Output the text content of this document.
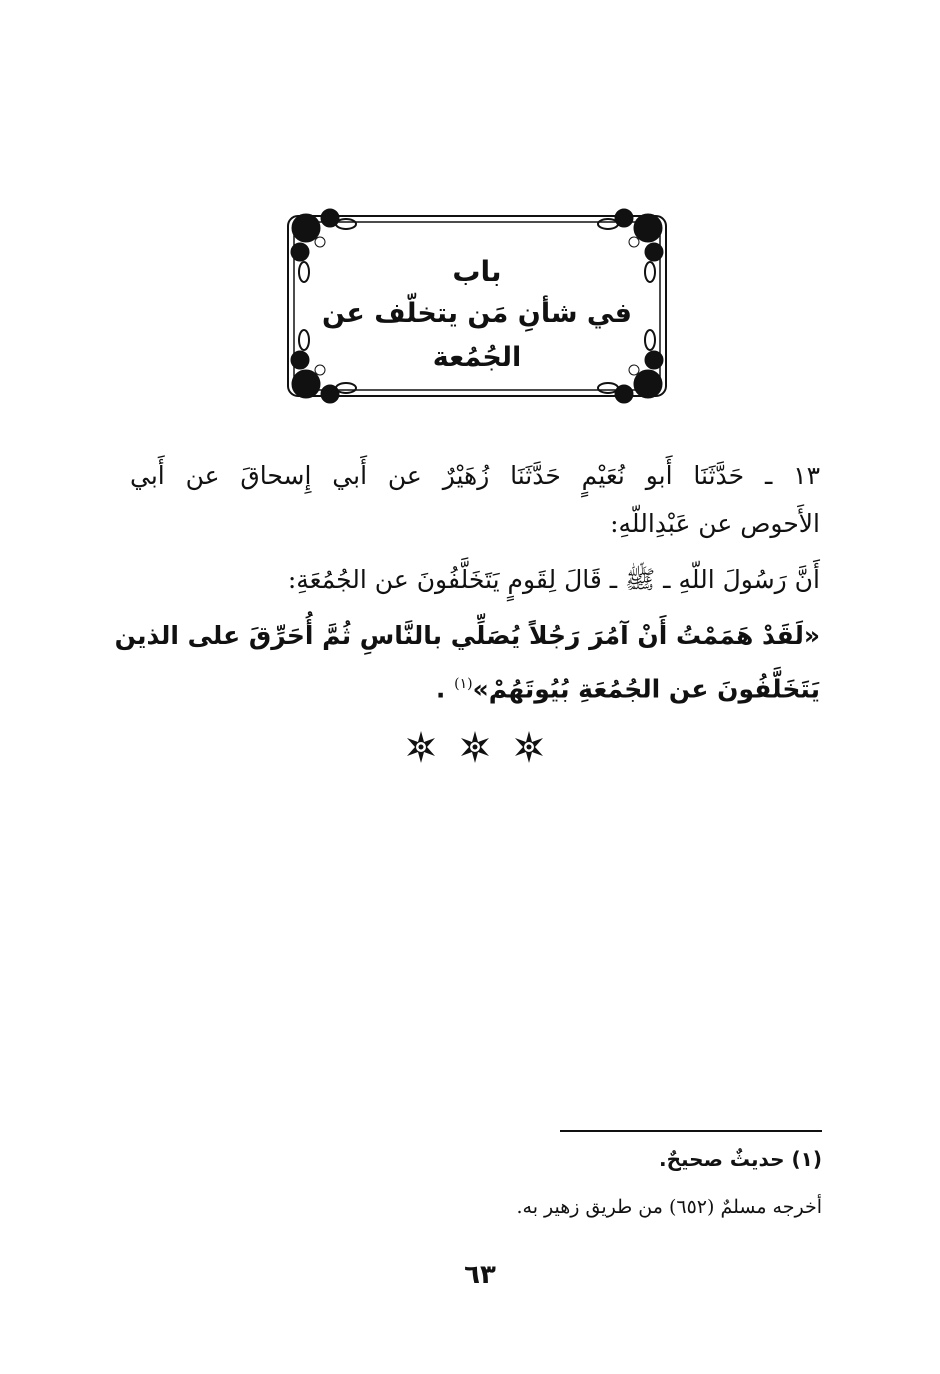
باب
في شأنِ مَن يتخلّف عن الجُمُعة
١٣ ـ حَدَّثَنَا أَبو نُعَيْمٍ حَدَّثَنَا زُهَيْرٌ عن أَبي إِسحاقَ عن أَبي
الأَحوص عن عَبْدِاللّهِ:
أَنَّ رَسُولَ اللّهِ ـ ﷺ ـ قَالَ لِقَومٍ يَتَخَلَّفُونَ عن الجُمُعَةِ:
«لَقَدْ هَمَمْتُ أَنْ آمُرَ رَجُلاً يُصَلِّي بالنَّاسِ ثُمَّ أُحَرِّقَ على الذين
يَتَخَلَّفُونَ عن الجُمُعَةِ بُيُوتَهُمْ»$^{(١)}$ .
(١) حديثٌ صحيحٌ.
أخرجه مسلمٌ (٦٥٢) من طريق زهير به.
٦٣
